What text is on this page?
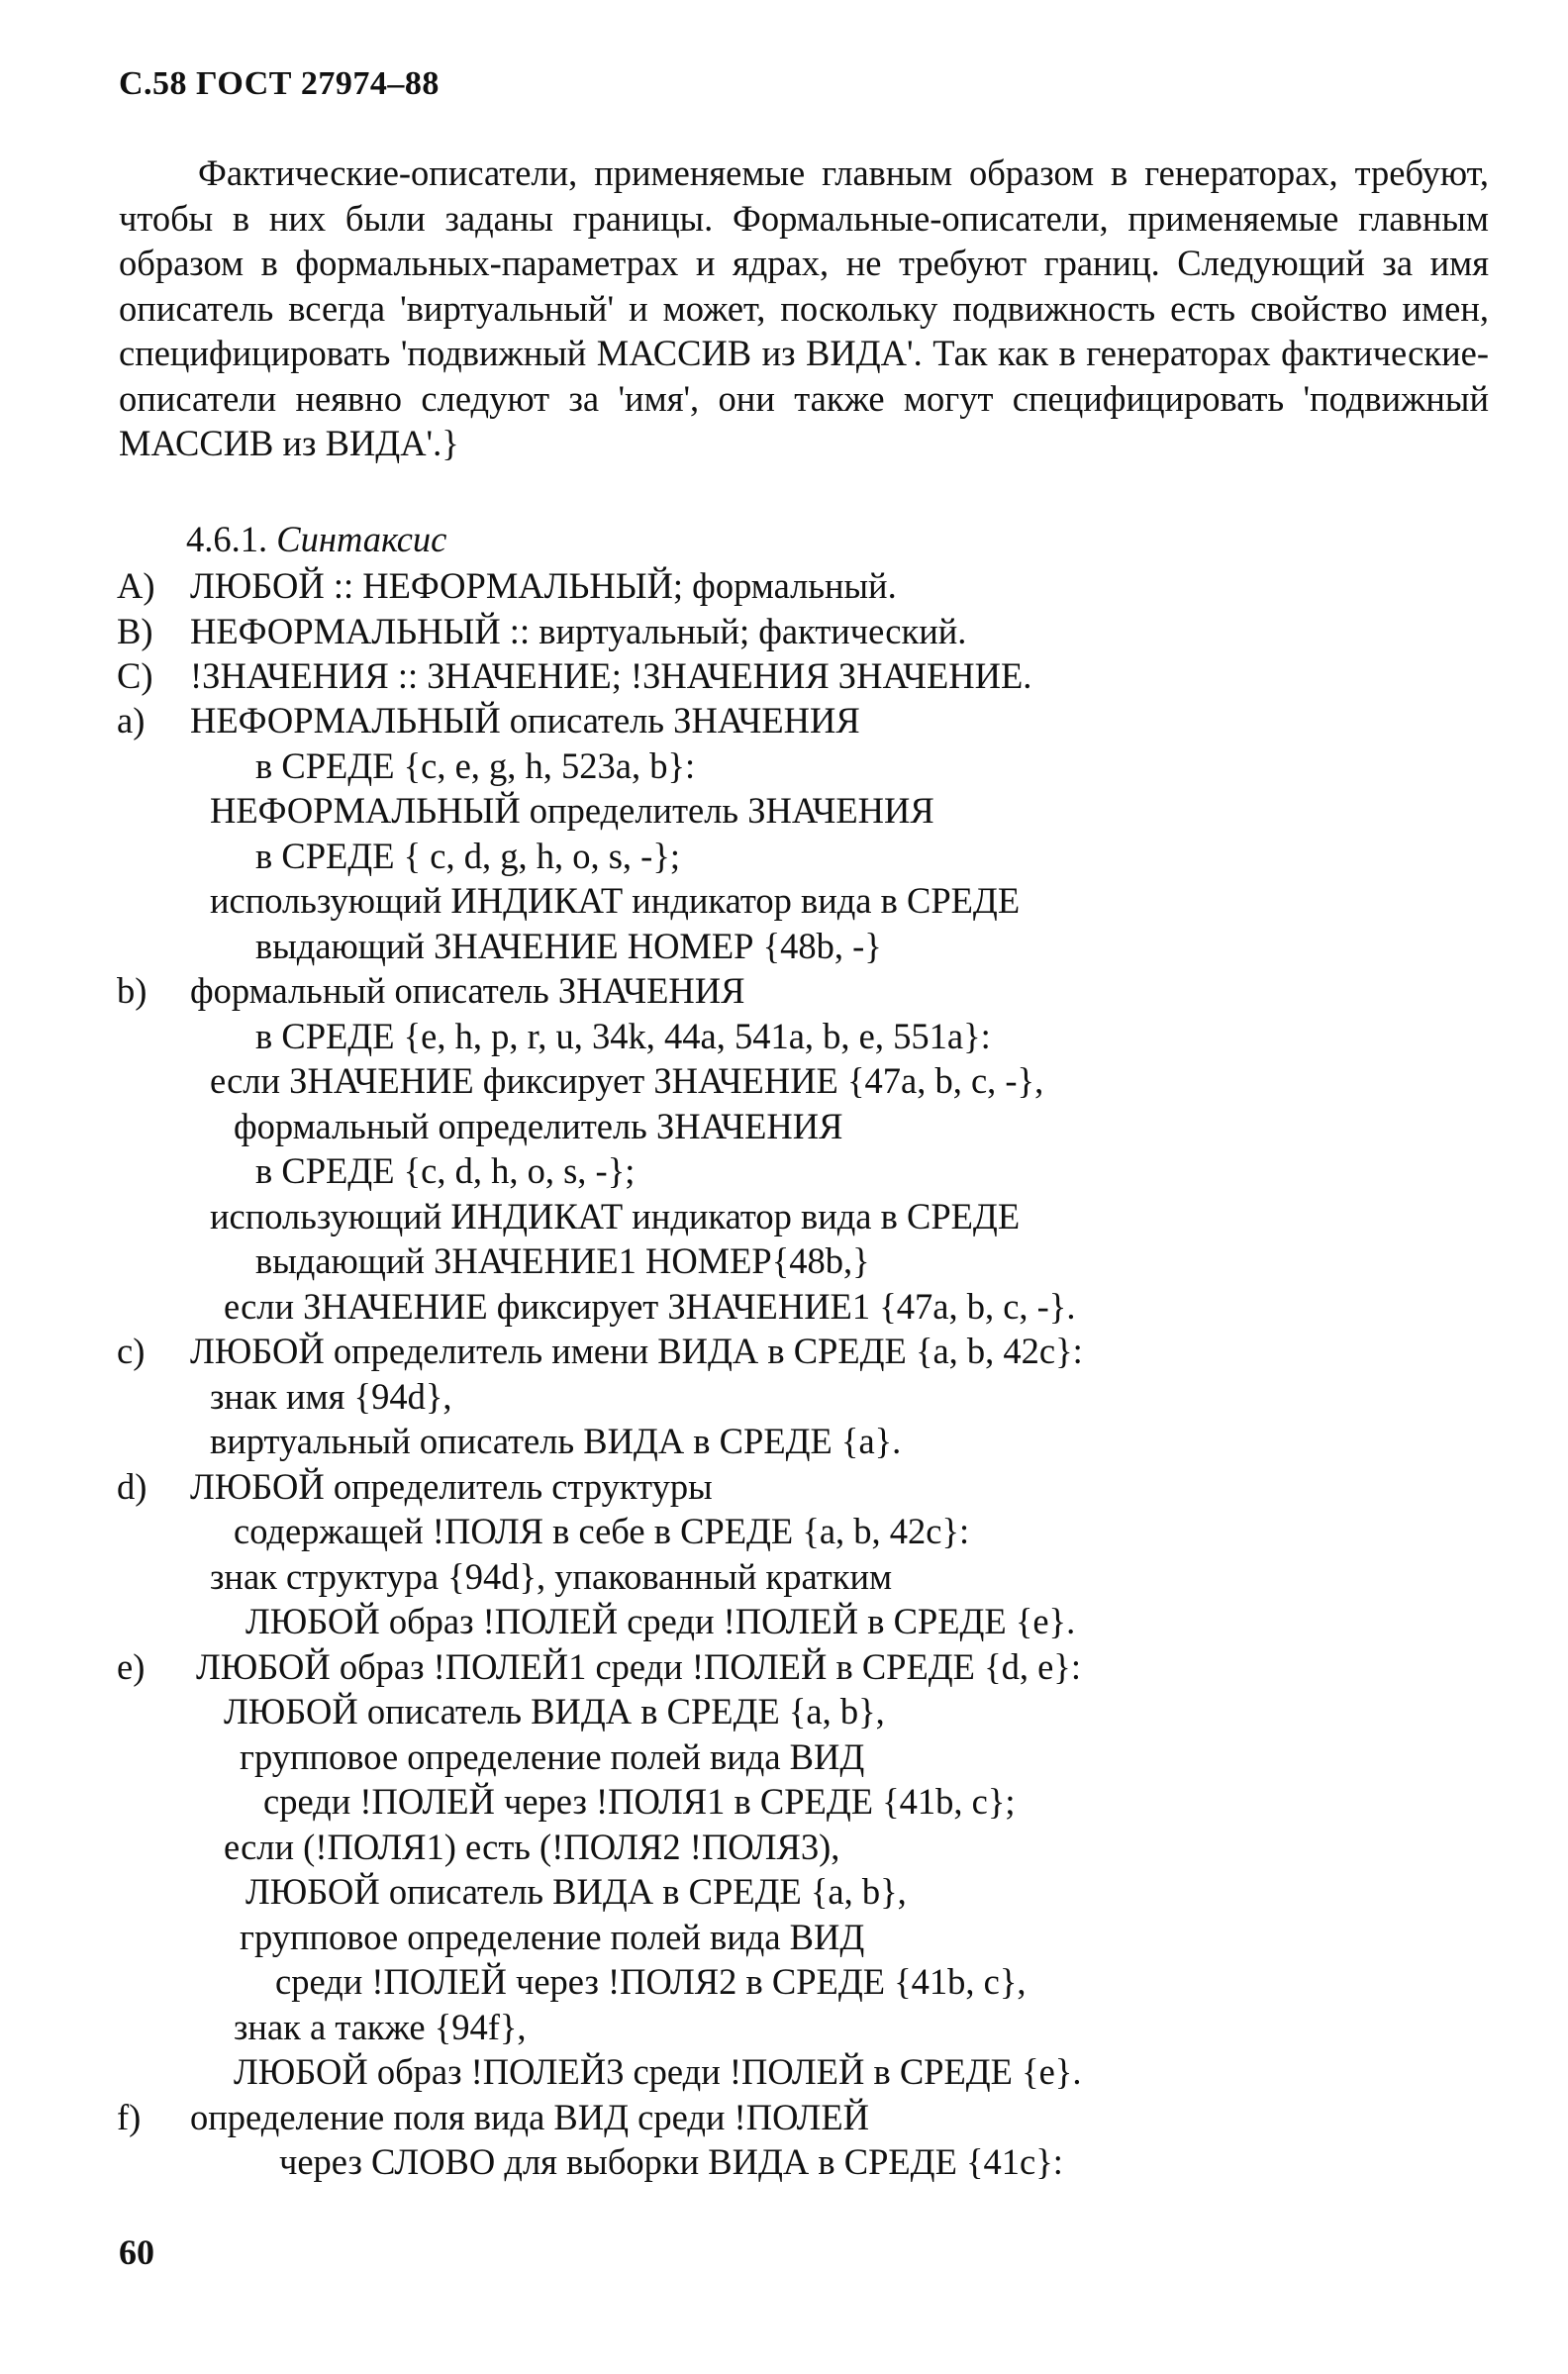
С.58 ГОСТ 27974–88

Фактические-описатели, применяемые главным образом в генераторах, требуют, чтобы в них были заданы границы. Формальные-описатели, применяемые главным образом в формальных-параметрах и ядрах, не требуют границ. Следующий за имя описатель всегда 'виртуальный' и может, поскольку подвижность есть свойство имен, специфицировать 'подвижный МАССИВ из ВИДА'. Так как в генераторах фактические-описатели неявно следуют за 'имя', они также могут специфицировать 'подвижный МАССИВ из ВИДА'.}

4.6.1. Синтаксис
A) ЛЮБОЙ :: НЕФОРМАЛЬНЫЙ; формальный.
B) НЕФОРМАЛЬНЫЙ :: виртуальный; фактический.
C) !ЗНАЧЕНИЯ :: ЗНАЧЕНИЕ; !ЗНАЧЕНИЯ ЗНАЧЕНИЕ.
a) НЕФОРМАЛЬНЫЙ описатель ЗНАЧЕНИЯ
в СРЕДЕ {c, e, g, h, 523a, b}:
НЕФОРМАЛЬНЫЙ определитель ЗНАЧЕНИЯ
в СРЕДЕ { c, d, g, h, o, s, -};
использующий ИНДИКАТ индикатор вида в СРЕДЕ
выдающий ЗНАЧЕНИЕ НОМЕР {48b, -}
b) формальный описатель ЗНАЧЕНИЯ
в СРЕДЕ {e, h, p, r, u, 34k, 44a, 541a, b, e, 551a}:
если ЗНАЧЕНИЕ фиксирует ЗНАЧЕНИЕ {47a, b, c, -},
формальный определитель ЗНАЧЕНИЯ
в СРЕДЕ {c, d, h, o, s, -};
использующий ИНДИКАТ индикатор вида в СРЕДЕ
выдающий ЗНАЧЕНИЕ1 НОМЕР{48b,}
если ЗНАЧЕНИЕ фиксирует ЗНАЧЕНИЕ1 {47a, b, c, -}.
c) ЛЮБОЙ определитель имени ВИДА в СРЕДЕ {a, b, 42c}:
знак имя {94d},
виртуальный описатель ВИДА в СРЕДЕ {a}.
d) ЛЮБОЙ определитель структуры
содержащей !ПОЛЯ в себе в СРЕДЕ {a, b, 42c}:
знак структура {94d}, упакованный кратким
ЛЮБОЙ образ !ПОЛЕЙ среди !ПОЛЕЙ в СРЕДЕ {e}.
e) ЛЮБОЙ образ !ПОЛЕЙ1 среди !ПОЛЕЙ в СРЕДЕ {d, e}:
ЛЮБОЙ описатель ВИДА в СРЕДЕ {a, b},
групповое определение полей вида ВИД
среди !ПОЛЕЙ через !ПОЛЯ1 в СРЕДЕ {41b, c};
если (!ПОЛЯ1) есть (!ПОЛЯ2 !ПОЛЯ3),
ЛЮБОЙ описатель ВИДА в СРЕДЕ {a, b},
групповое определение полей вида ВИД
среди !ПОЛЕЙ через !ПОЛЯ2 в СРЕДЕ {41b, c},
знак а также {94f},
ЛЮБОЙ образ !ПОЛЕЙ3 среди !ПОЛЕЙ в СРЕДЕ {e}.
f) определение поля вида ВИД среди !ПОЛЕЙ
через СЛОВО для выборки ВИДА в СРЕДЕ {41c}:
60
